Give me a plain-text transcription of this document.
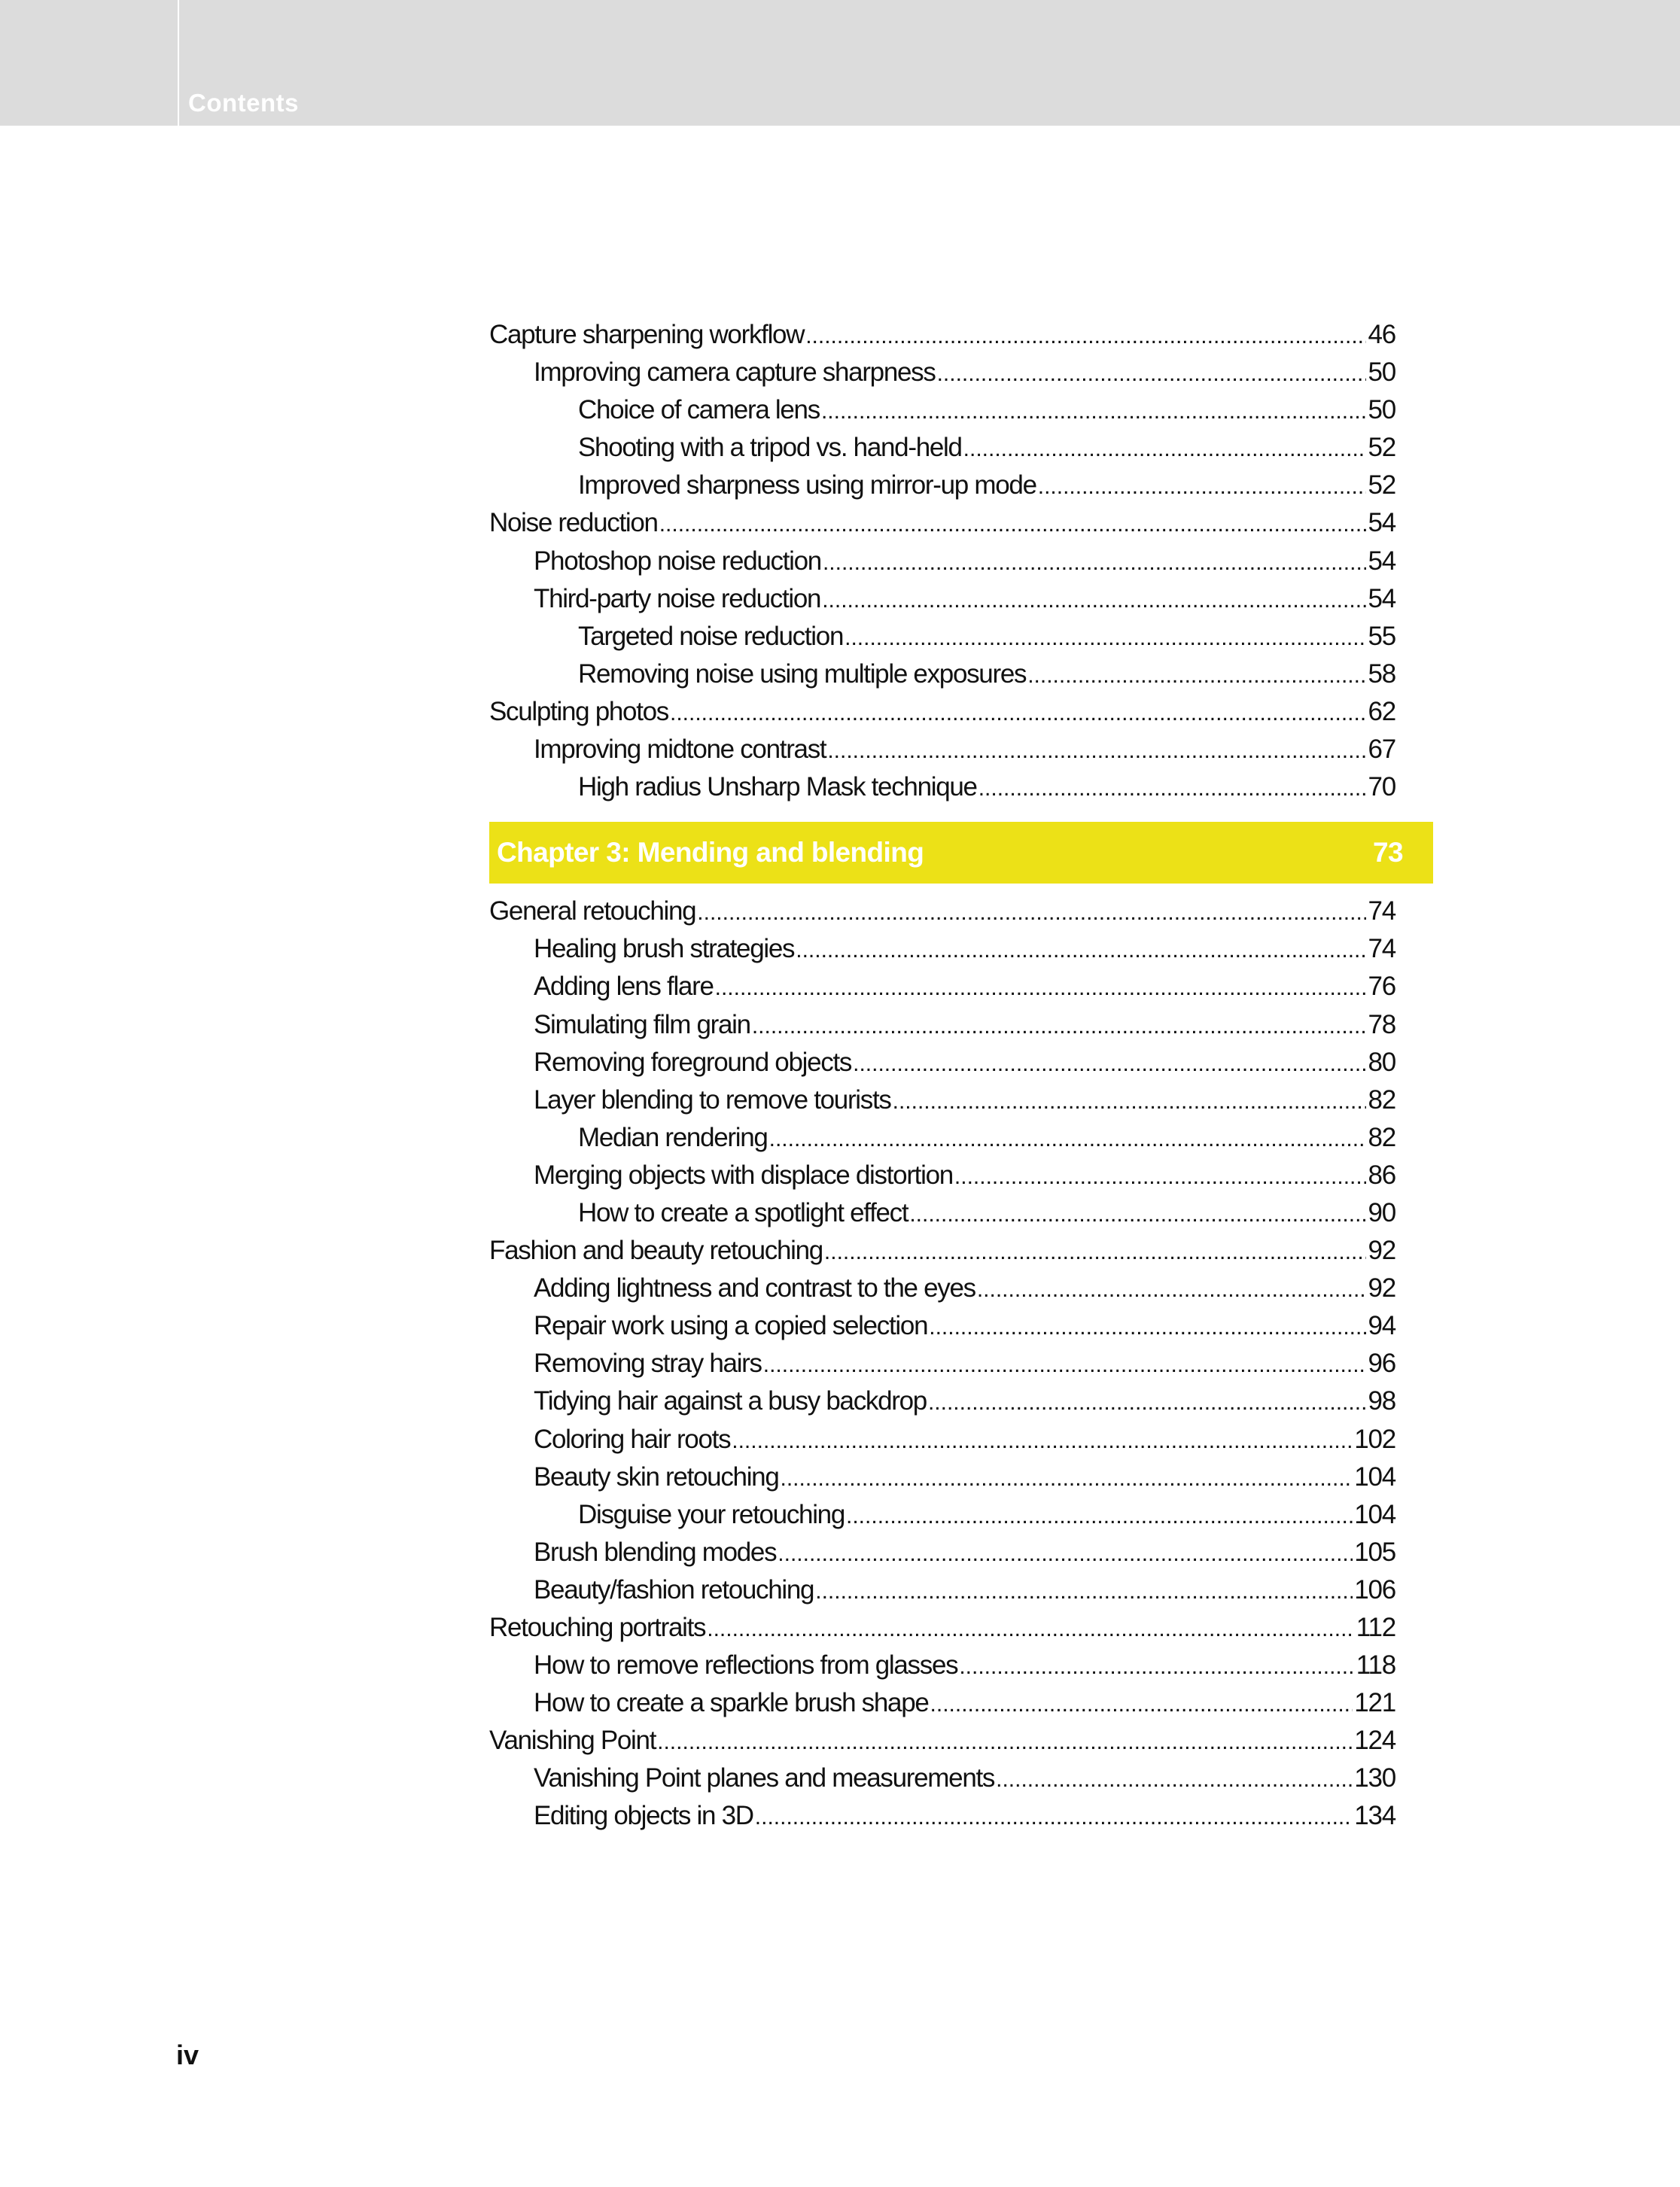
Contents
Capture sharpening workflow .....	46
Improving camera capture sharpness .....	50
Choice of camera lens .....	50
Shooting with a tripod vs. hand-held .....	52
Improved sharpness using mirror-up mode .....	52
Noise reduction .....	54
Photoshop noise reduction .....	54
Third-party noise reduction .....	54
Targeted noise reduction .....	55
Removing noise using multiple exposures .....	58
Sculpting photos .....	62
Improving midtone contrast .....	67
High radius Unsharp Mask technique .....	70
Chapter 3: Mending and blending	73
General retouching .....	74
Healing brush strategies .....	74
Adding lens flare .....	76
Simulating film grain .....	78
Removing foreground objects .....	80
Layer blending to remove tourists .....	82
Median rendering .....	82
Merging objects with displace distortion .....	86
How to create a spotlight effect .....	90
Fashion and beauty retouching .....	92
Adding lightness and contrast to the eyes .....	92
Repair work using a copied selection .....	94
Removing stray hairs .....	96
Tidying hair against a busy backdrop .....	98
Coloring hair roots .....	102
Beauty skin retouching .....	104
Disguise your retouching .....	104
Brush blending modes .....	105
Beauty/fashion retouching .....	106
Retouching portraits .....	112
How to remove reflections from glasses .....	118
How to create a sparkle brush shape .....	121
Vanishing Point .....	124
Vanishing Point planes and measurements .....	130
Editing objects in 3D .....	134
iv
